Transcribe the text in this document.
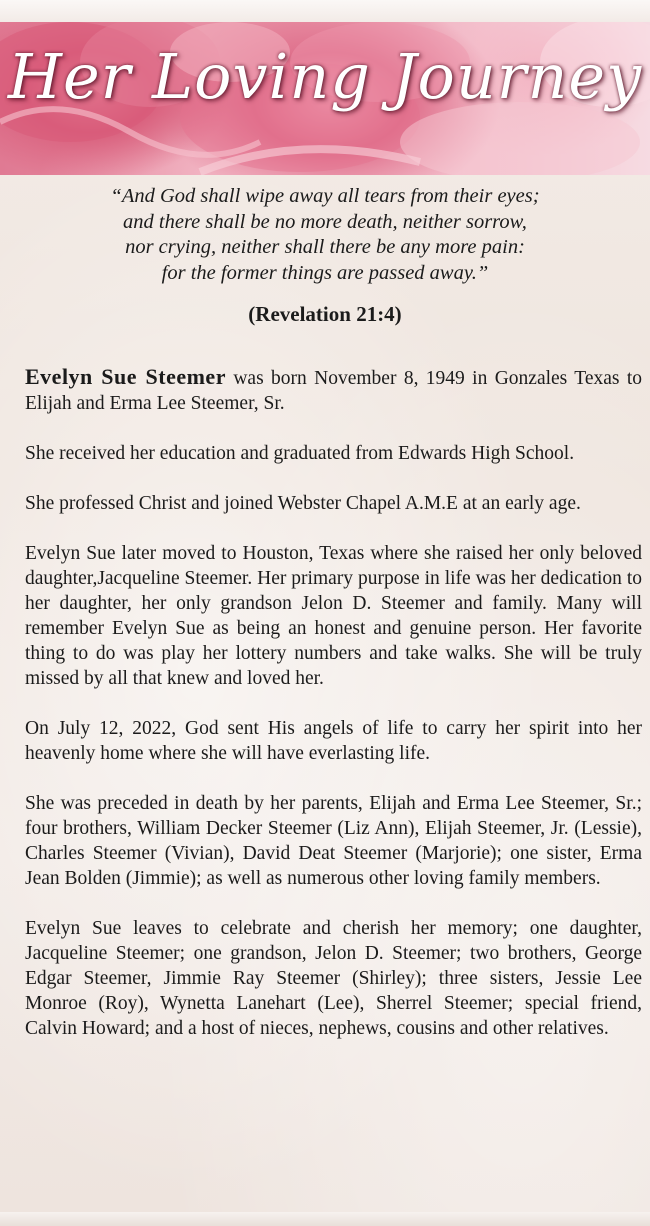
Her Loving Journey
“And God shall wipe away all tears from their eyes;
and there shall be no more death, neither sorrow,
nor crying, neither shall there be any more pain:
for the former things are passed away.”
(Revelation 21:4)

Evelyn Sue Steemer was born November 8, 1949 in Gonzales Texas to Elijah and Erma Lee Steemer, Sr.

She received her education and graduated from Edwards High School.

She professed Christ and joined Webster Chapel A.M.E at an early age.

Evelyn Sue later moved to Houston, Texas where she raised her only beloved daughter,Jacqueline Steemer. Her primary purpose in life was her dedication to her daughter, her only grandson Jelon D. Steemer and family. Many will remember Evelyn Sue as being an honest and genuine person. Her favorite thing to do was play her lottery numbers and take walks. She will be truly missed by all that knew and loved her.

On July 12, 2022, God sent His angels of life to carry her spirit into her heavenly home where she will have everlasting life.

She was preceded in death by her parents, Elijah and Erma Lee Steemer, Sr.; four brothers, William Decker Steemer (Liz Ann), Elijah Steemer, Jr. (Lessie), Charles Steemer (Vivian), David Deat Steemer (Marjorie); one sister, Erma Jean Bolden (Jimmie); as well as numerous other loving family members.

Evelyn Sue leaves to celebrate and cherish her memory; one daughter, Jacqueline Steemer; one grandson, Jelon D. Steemer; two brothers, George Edgar Steemer, Jimmie Ray Steemer (Shirley); three sisters, Jessie Lee Monroe (Roy), Wynetta Lanehart (Lee), Sherrel Steemer; special friend, Calvin Howard; and a host of nieces, nephews, cousins and other relatives.
